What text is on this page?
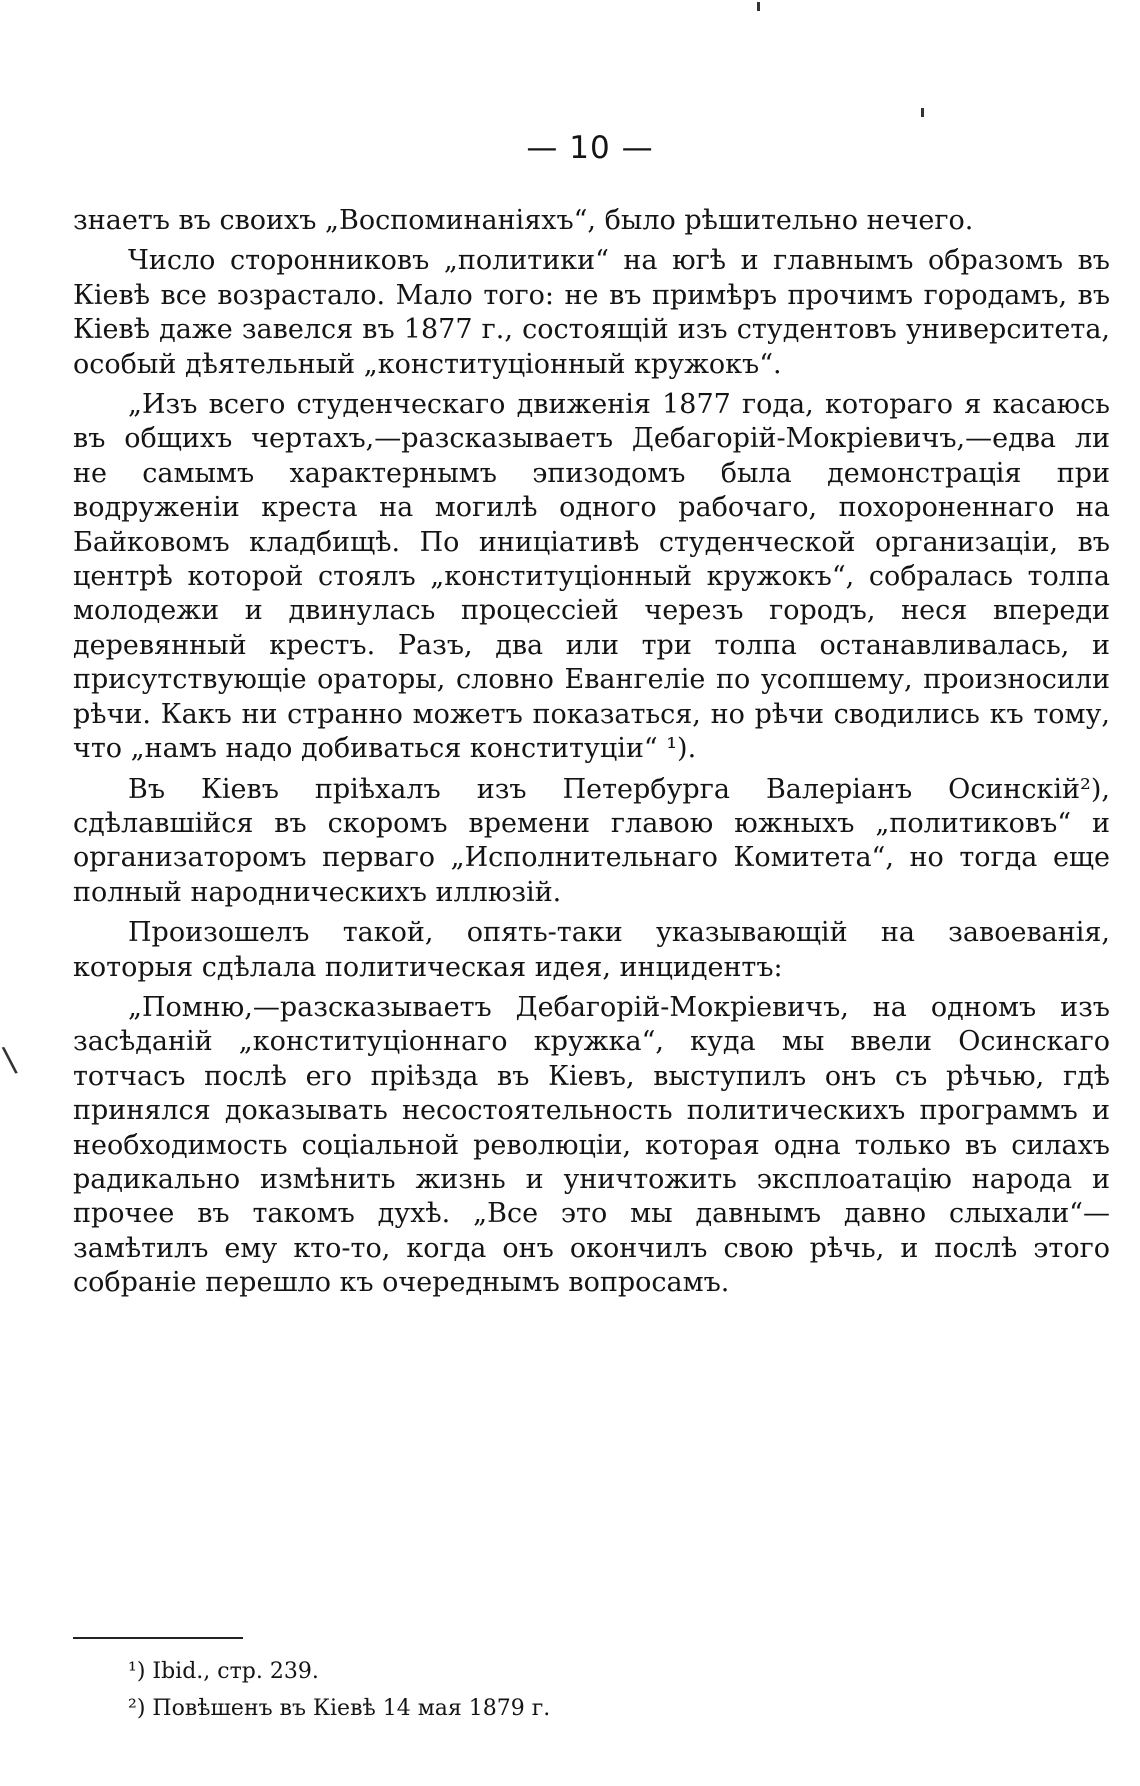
— 10 —

знаетъ въ своихъ „Воспоминаніяхъ“, было рѣшительно нечего.

Число сторонниковъ „политики“ на югѣ и главнымъ образомъ въ Кіевѣ все возрастало. Мало того: не въ примѣръ прочимъ городамъ, въ Кіевѣ даже завелся въ 1877 г., состоящій изъ студентовъ университета, особый дѣятельный „конституціонный кружокъ“.

„Изъ всего студенческаго движенія 1877 года, котораго я касаюсь въ общихъ чертахъ,—разсказываетъ Дебагорій-Мокріевичъ,—едва ли не самымъ характернымъ эпизодомъ была демонстрація при водруженіи креста на могилѣ одного рабочаго, похороненнаго на Байковомъ кладбищѣ. По иниціативѣ студенческой организаціи, въ центрѣ которой стоялъ „конституціонный кружокъ“, собралась толпа молодежи и двинулась процессіей черезъ городъ, неся впереди деревянный крестъ. Разъ, два или три толпа останавливалась, и присутствующіе ораторы, словно Евангеліе по усопшему, произносили рѣчи. Какъ ни странно можетъ показаться, но рѣчи сводились къ тому, что „намъ надо добиваться конституціи“ ¹).

Въ Кіевъ пріѣхалъ изъ Петербурга Валеріанъ Осинскій²), сдѣлавшійся въ скоромъ времени главою южныхъ „политиковъ“ и организаторомъ перваго „Исполнительнаго Комитета“, но тогда еще полный народническихъ иллюзій.

Произошелъ такой, опять-таки указывающій на завоеванія, которыя сдѣлала политическая идея, инцидентъ:

„Помню,—разсказываетъ Дебагорій-Мокріевичъ, на одномъ изъ засѣданій „конституціоннаго кружка“, куда мы ввели Осинскаго тотчасъ послѣ его пріѣзда въ Кіевъ, выступилъ онъ съ рѣчью, гдѣ принялся доказывать несостоятельность политическихъ программъ и необходимость соціальной революціи, которая одна только въ силахъ радикально измѣнить жизнь и уничтожить эксплоатацію народа и прочее въ такомъ духѣ. „Все это мы давнымъ давно слыхали“—замѣтилъ ему кто-то, когда онъ окончилъ свою рѣчь, и послѣ этого собраніе перешло къ очереднымъ вопросамъ.

¹) Ibid., стр. 239.

²) Повѣшенъ въ Кіевѣ 14 мая 1879 г.

\
